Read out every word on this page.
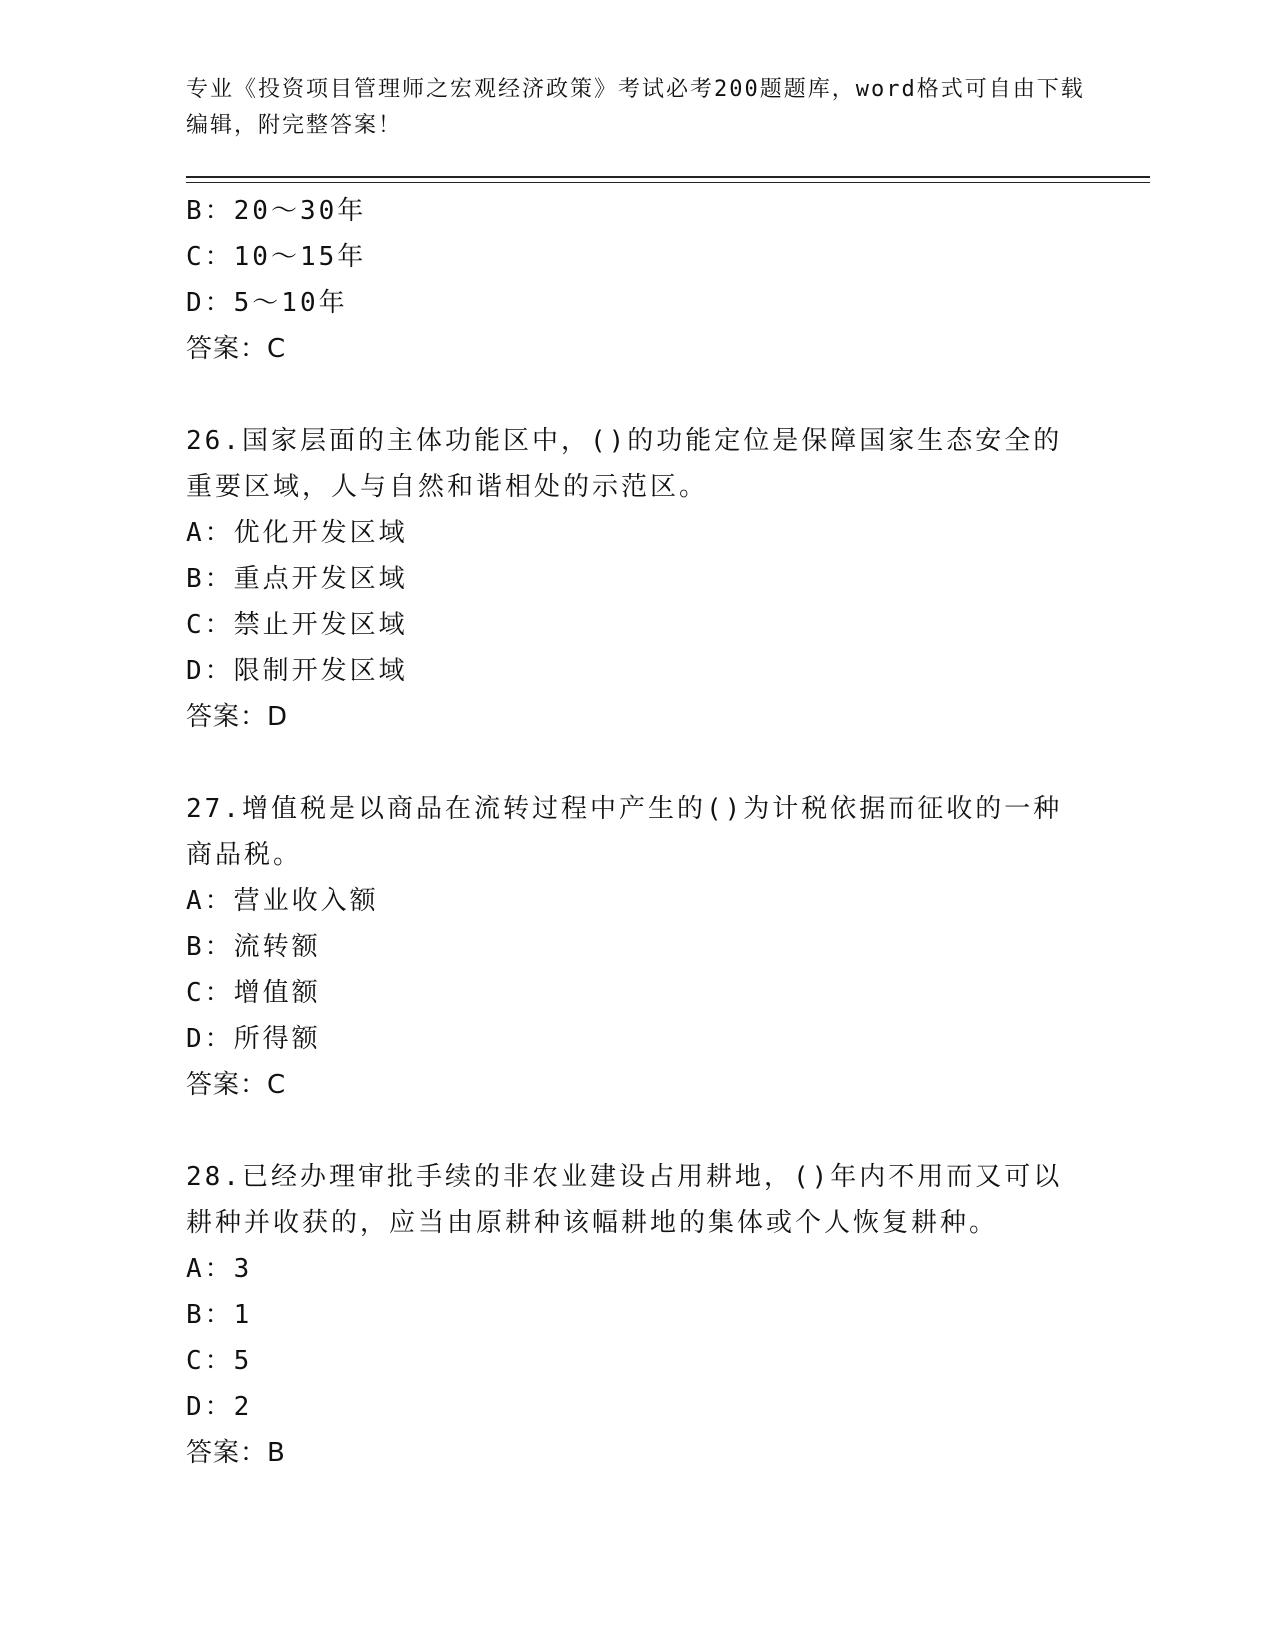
专业《投资项目管理师之宏观经济政策》考试必考200题题库，word格式可自由下载编辑，附完整答案！
B：20～30年
C：10～15年
D：5～10年
答案：C
26.国家层面的主体功能区中，()的功能定位是保障国家生态安全的重要区域，人与自然和谐相处的示范区。
A：优化开发区域
B：重点开发区域
C：禁止开发区域
D：限制开发区域
答案：D
27.增值税是以商品在流转过程中产生的()为计税依据而征收的一种商品税。
A：营业收入额
B：流转额
C：增值额
D：所得额
答案：C
28.已经办理审批手续的非农业建设占用耕地，()年内不用而又可以耕种并收获的，应当由原耕种该幅耕地的集体或个人恢复耕种。
A：3
B：1
C：5
D：2
答案：B
